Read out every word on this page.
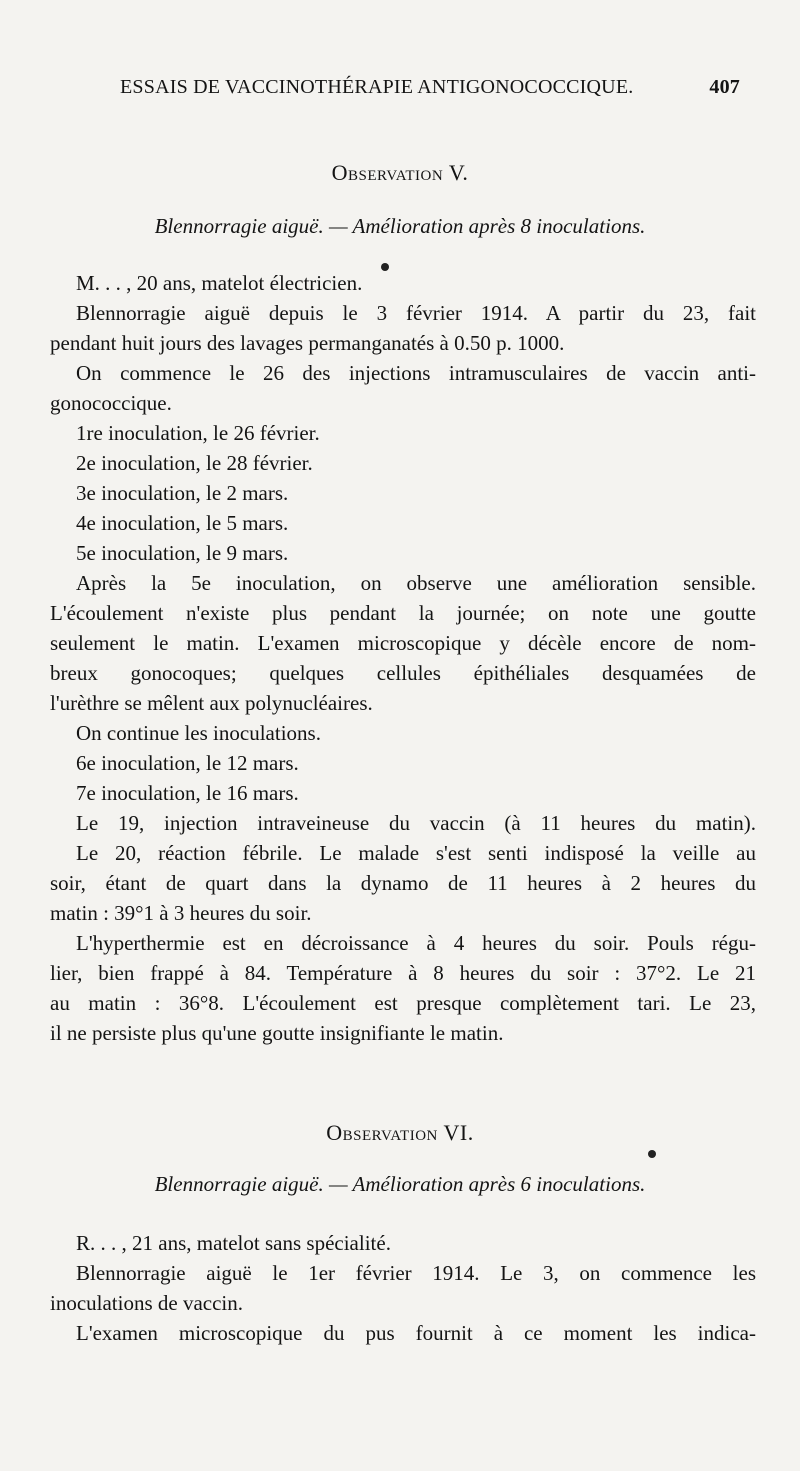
ESSAIS DE VACCINOTHÉRAPIE ANTIGONOCOCCIQUE.	407
Observation V.
Blennorragie aiguë. — Amélioration après 8 inoculations.
M. . . , 20 ans, matelot électricien.
Blennorragie aiguë depuis le 3 février 1914. A partir du 23, fait
pendant huit jours des lavages permanganatés à 0.50 p. 1000.
On commence le 26 des injections intramusculaires de vaccin anti-
gonococcique.
1re inoculation, le 26 février.
2e inoculation, le 28 février.
3e inoculation, le 2 mars.
4e inoculation, le 5 mars.
5e inoculation, le 9 mars.
Après la 5e inoculation, on observe une amélioration sensible.
L'écoulement n'existe plus pendant la journée; on note une goutte
seulement le matin. L'examen microscopique y décèle encore de nom-
breux gonocoques; quelques cellules épithéliales desquamées de
l'urèthre se mêlent aux polynucléaires.
On continue les inoculations.
6e inoculation, le 12 mars.
7e inoculation, le 16 mars.
Le 19, injection intraveineuse du vaccin (à 11 heures du matin).
Le 20, réaction fébrile. Le malade s'est senti indisposé la veille au
soir, étant de quart dans la dynamo de 11 heures à 2 heures du
matin : 39°1 à 3 heures du soir.
L'hyperthermie est en décroissance à 4 heures du soir. Pouls régu-
lier, bien frappé à 84. Température à 8 heures du soir : 37°2. Le 21
au matin : 36°8. L'écoulement est presque complètement tari. Le 23,
il ne persiste plus qu'une goutte insignifiante le matin.
Observation VI.
Blennorragie aiguë. — Amélioration après 6 inoculations.
R. . . , 21 ans, matelot sans spécialité.
Blennorragie aiguë le 1er février 1914. Le 3, on commence les
inoculations de vaccin.
L'examen microscopique du pus fournit à ce moment les indica-
